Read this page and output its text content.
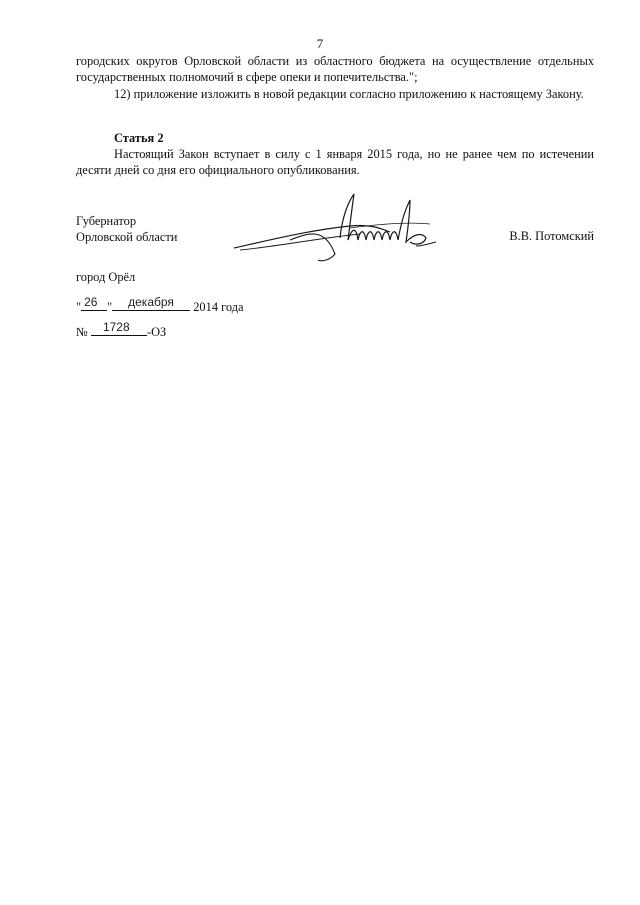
7
городских округов Орловской области из областного бюджета на осуществление отдельных государственных полномочий в сфере опеки и попечительства.";
12) приложение изложить в новой редакции согласно приложению к настоящему Закону.
Статья 2
Настоящий Закон вступает в силу с 1 января 2015 года, но не ранее чем по истечении десяти дней со дня его официального опубликования.
Губернатор
Орловской области	В.В. Потомский
город Орёл
" 26 " декабря 2014 года
№ 1728 -ОЗ
